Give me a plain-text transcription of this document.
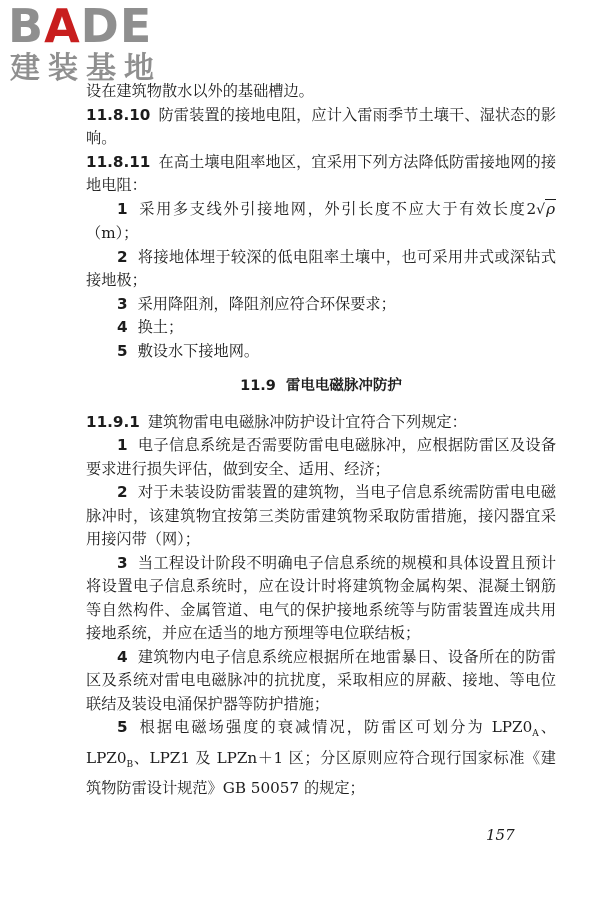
BADE
建装基地

设在建筑物散水以外的基础槽边。

11.8.10 防雷装置的接地电阻，应计入雷雨季节土壤干、湿状态的影响。

11.8.11 在高土壤电阻率地区，宜采用下列方法降低防雷接地网的接地电阻：

1 采用多支线外引接地网，外引长度不应大于有效长度2√ρ（m）；

2 将接地体埋于较深的低电阻率土壤中，也可采用井式或深钻式接地极；

3 采用降阻剂，降阻剂应符合环保要求；

4 换土；

5 敷设水下接地网。

11.9 雷电电磁脉冲防护

11.9.1 建筑物雷电电磁脉冲防护设计宜符合下列规定：

1 电子信息系统是否需要防雷电电磁脉冲，应根据防雷区及设备要求进行损失评估，做到安全、适用、经济；

2 对于未装设防雷装置的建筑物，当电子信息系统需防雷电电磁脉冲时，该建筑物宜按第三类防雷建筑物采取防雷措施，接闪器宜采用接闪带（网）；

3 当工程设计阶段不明确电子信息系统的规模和具体设置且预计将设置电子信息系统时，应在设计时将建筑物金属构架、混凝土钢筋等自然构件、金属管道、电气的保护接地系统等与防雷装置连成共用接地系统，并应在适当的地方预埋等电位联结板；

4 建筑物内电子信息系统应根据所在地雷暴日、设备所在的防雷区及系统对雷电电磁脉冲的抗扰度，采取相应的屏蔽、接地、等电位联结及装设电涌保护器等防护措施；

5 根据电磁场强度的衰减情况，防雷区可划分为 $LPZ0_A$、$LPZ0_B$、LPZ1 及 LPZn＋1 区；分区原则应符合现行国家标准《建筑物防雷设计规范》GB 50057 的规定；

157
